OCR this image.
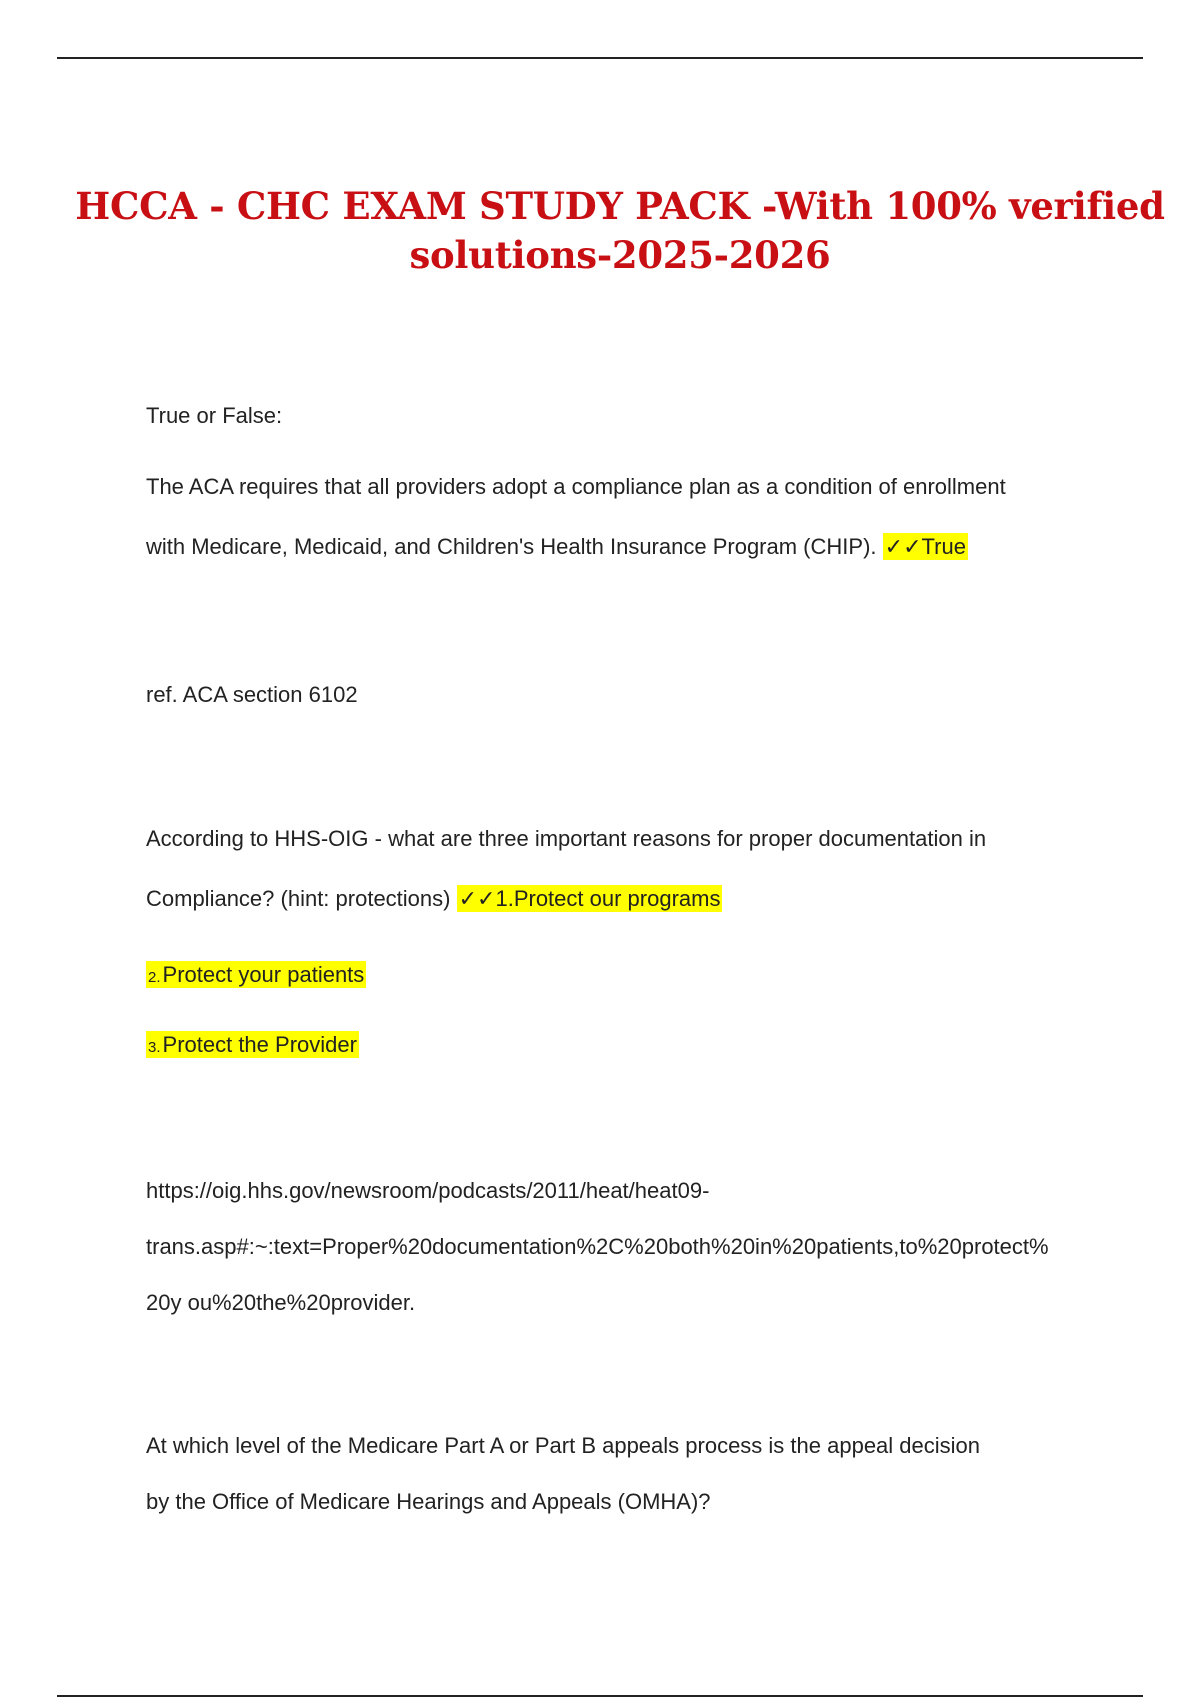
HCCA - CHC EXAM STUDY PACK -With 100% verified
solutions-2025-2026
True or False:
The ACA requires that all providers adopt a compliance plan as a condition of enrollment
with Medicare, Medicaid, and Children's Health Insurance Program (CHIP). ✓✓True
ref. ACA section 6102
According to HHS-OIG - what are three important reasons for proper documentation in
Compliance? (hint: protections) ✓✓1.Protect our programs
2.Protect your patients
3.Protect the Provider
https://oig.hhs.gov/newsroom/podcasts/2011/heat/heat09-
trans.asp#:~:text=Proper%20documentation%2C%20both%20in%20patients,to%20protect%
20y ou%20the%20provider.
At which level of the Medicare Part A or Part B appeals process is the appeal decision
by the Office of Medicare Hearings and Appeals (OMHA)?
